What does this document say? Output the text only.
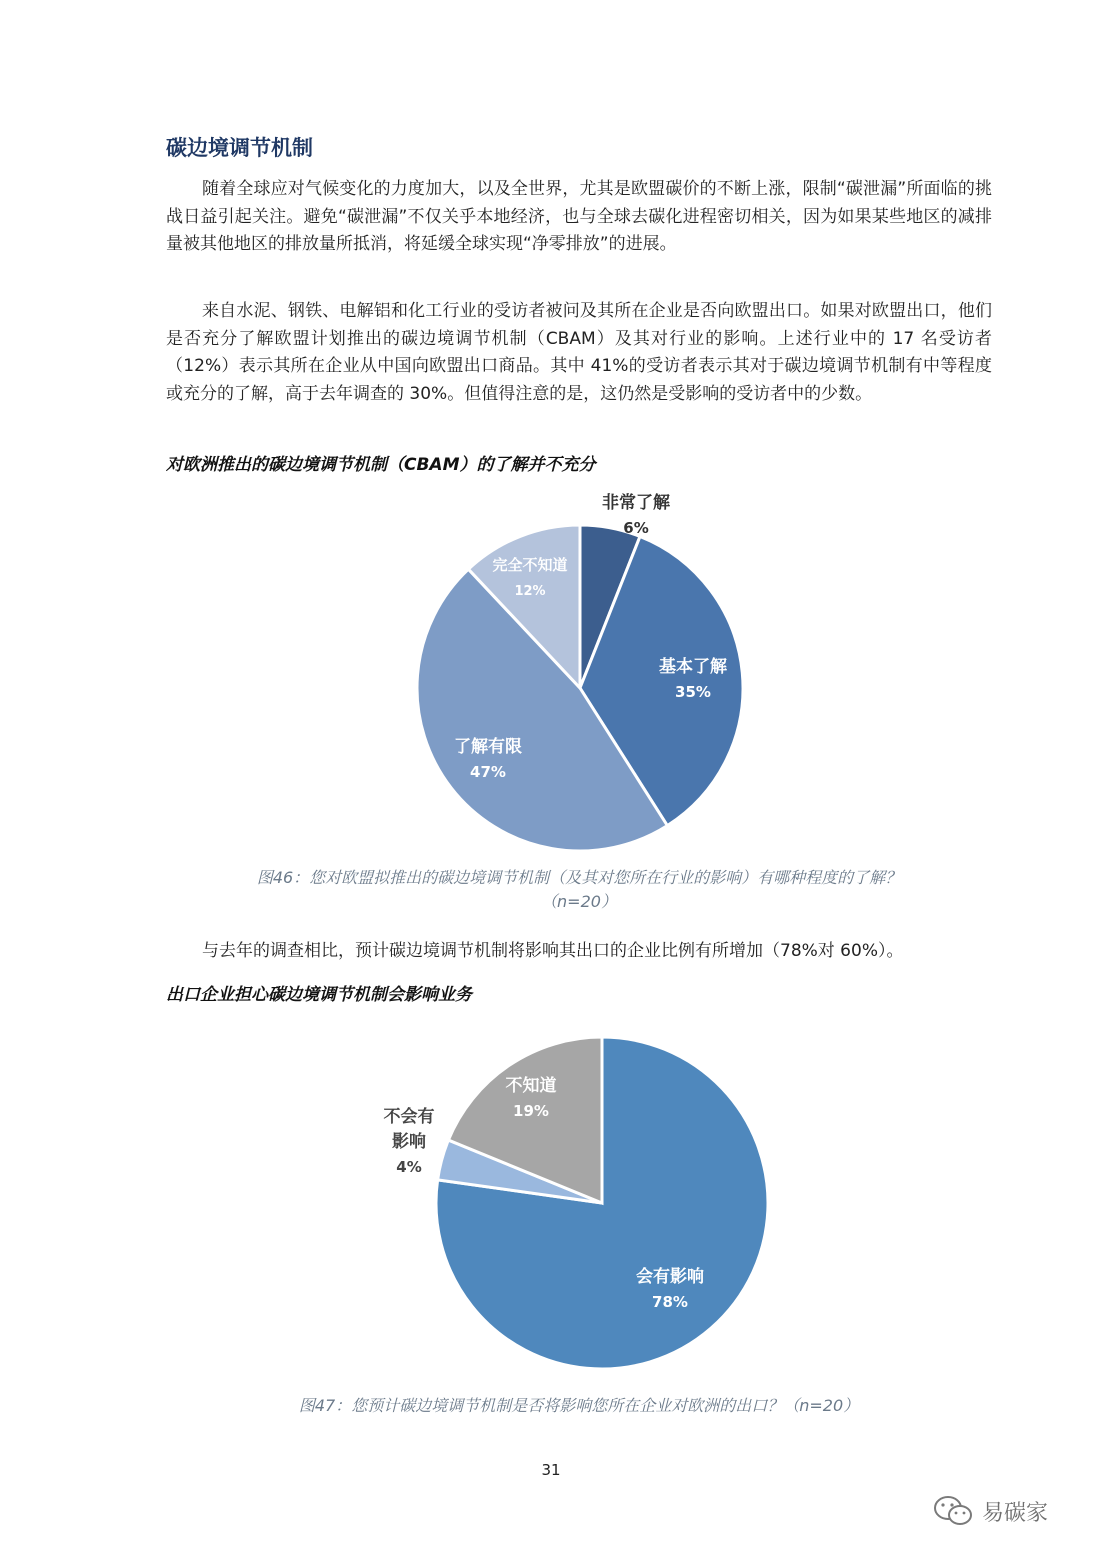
碳边境调节机制

随着全球应对气候变化的力度加大，以及全世界，尤其是欧盟碳价的不断上涨，限制“碳泄漏”所面临的挑战日益引起关注。避免“碳泄漏”不仅关乎本地经济，也与全球去碳化进程密切相关，因为如果某些地区的减排量被其他地区的排放量所抵消，将延缓全球实现“净零排放”的进展。

来自水泥、钢铁、电解铝和化工行业的受访者被问及其所在企业是否向欧盟出口。如果对欧盟出口，他们是否充分了解欧盟计划推出的碳边境调节机制（CBAM）及其对行业的影响。上述行业中的 17 名受访者（12%）表示其所在企业从中国向欧盟出口商品。其中 41%的受访者表示其对于碳边境调节机制有中等程度或充分的了解，高于去年调查的 30%。但值得注意的是，这仍然是受影响的受访者中的少数。

对欧洲推出的碳边境调节机制（CBAM）的了解并不充分

非常了解
6%
基本了解
35%
了解有限
47%
完全不知道
12%
会有影响
78%
不会有
影响
4%
不知道
19%

图46：您对欧盟拟推出的碳边境调节机制（及其对您所在行业的影响）有哪种程度的了解？
（n=20）

与去年的调查相比，预计碳边境调节机制将影响其出口的企业比例有所增加（78%对 60%）。

出口企业担心碳边境调节机制会影响业务

图47：您预计碳边境调节机制是否将影响您所在企业对欧洲的出口？（n=20）

31
易碳家
